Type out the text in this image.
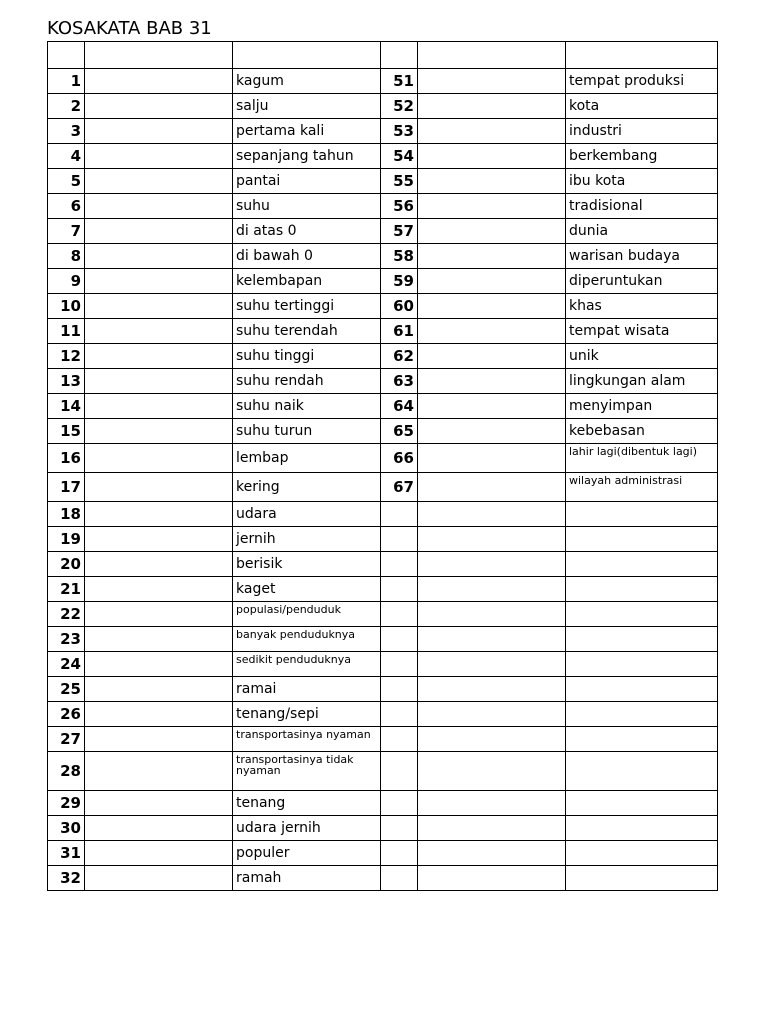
KOSAKATA BAB 31

1		kagum	51		tempat produksi
2		salju	52		kota
3		pertama kali	53		industri
4		sepanjang tahun	54		berkembang
5		pantai	55		ibu kota
6		suhu	56		tradisional
7		di atas 0	57		dunia
8		di bawah 0	58		warisan budaya
9		kelembapan	59		diperuntukan
10		suhu tertinggi	60		khas
11		suhu terendah	61		tempat wisata
12		suhu tinggi	62		unik
13		suhu rendah	63		lingkungan alam
14		suhu naik	64		menyimpan
15		suhu turun	65		kebebasan
16		lembap	66		lahir lagi(dibentuk lagi)
17		kering	67		wilayah administrasi
18		udara			
19		jernih			
20		berisik			
21		kaget			
22		populasi/penduduk			
23		banyak penduduknya			
24		sedikit penduduknya			
25		ramai			
26		tenang/sepi			
27		transportasinya nyaman			
28		transportasinya tidak nyaman			
29		tenang			
30		udara jernih			
31		populer			
32		ramah			
